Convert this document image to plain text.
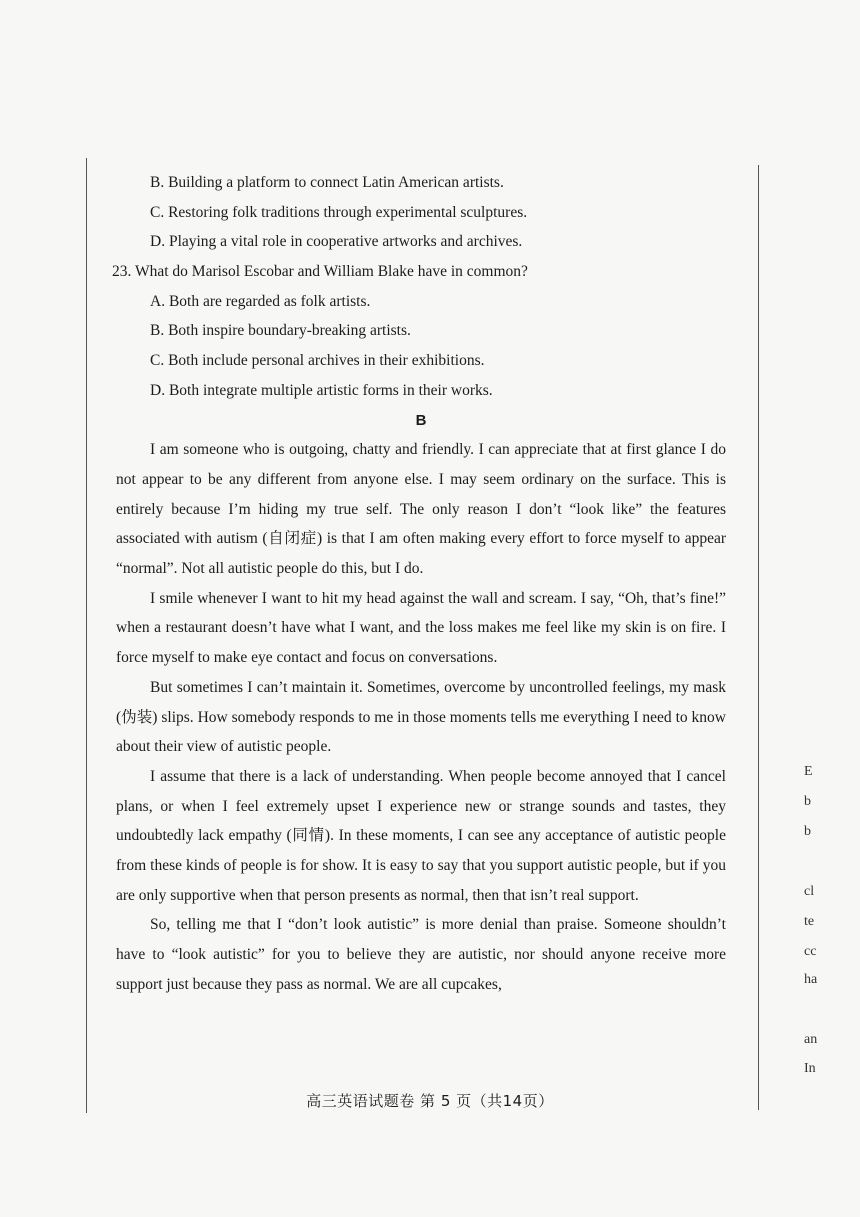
B. Building a platform to connect Latin American artists.
C. Restoring folk traditions through experimental sculptures.
D. Playing a vital role in cooperative artworks and archives.
23. What do Marisol Escobar and William Blake have in common?
A. Both are regarded as folk artists.
B. Both inspire boundary-breaking artists.
C. Both include personal archives in their exhibitions.
D. Both integrate multiple artistic forms in their works.
B

I am someone who is outgoing, chatty and friendly. I can appreciate that at first glance I do not appear to be any different from anyone else. I may seem ordinary on the surface. This is entirely because I’m hiding my true self. The only reason I don’t “look like” the features associated with autism (自闭症) is that I am often making every effort to force myself to appear “normal”. Not all autistic people do this, but I do.

I smile whenever I want to hit my head against the wall and scream. I say, “Oh, that’s fine!” when a restaurant doesn’t have what I want, and the loss makes me feel like my skin is on fire. I force myself to make eye contact and focus on conversations.

But sometimes I can’t maintain it. Sometimes, overcome by uncontrolled feelings, my mask (伪装) slips. How somebody responds to me in those moments tells me everything I need to know about their view of autistic people.

I assume that there is a lack of understanding. When people become annoyed that I cancel plans, or when I feel extremely upset I experience new or strange sounds and tastes, they undoubtedly lack empathy (同情). In these moments, I can see any acceptance of autistic people from these kinds of people is for show. It is easy to say that you support autistic people, but if you are only supportive when that person presents as normal, then that isn’t real support.

So, telling me that I “don’t look autistic” is more denial than praise. Someone shouldn’t have to “look autistic” for you to believe they are autistic, nor should anyone receive more support just because they pass as normal. We are all cupcakes,

高三英语试题卷 第 5 页（共14页）
E
b
b
cl
te
cc
ha
an
In
